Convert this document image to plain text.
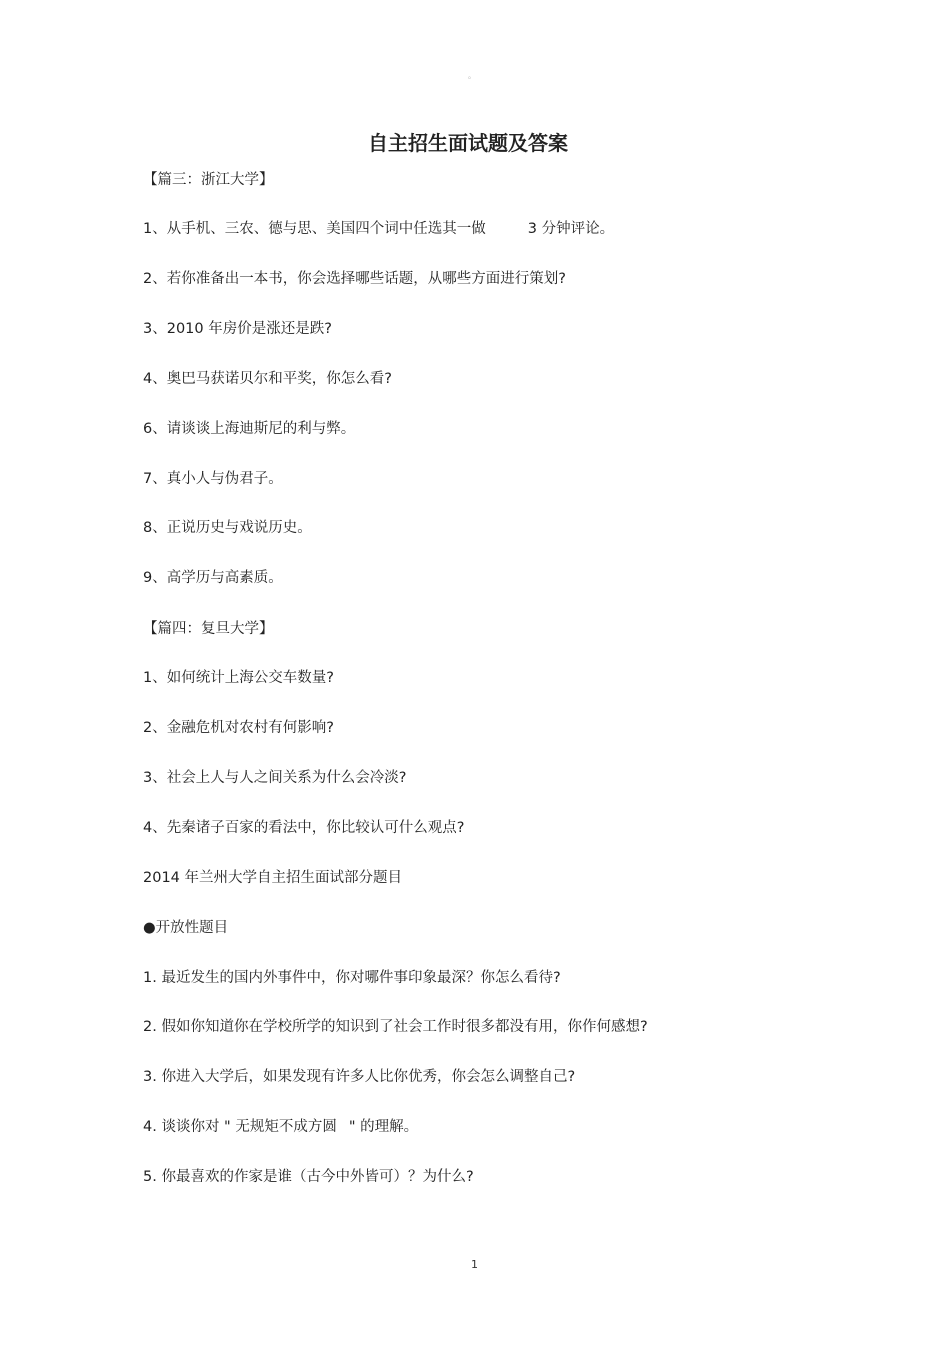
。
自主招生面试题及答案
【篇三：浙江大学】
1、从手机、三农、德与思、美国四个词中任选其一做	3 分钟评论。
2、若你准备出一本书，你会选择哪些话题，从哪些方面进行策划?
3、2010 年房价是涨还是跌?
4、奥巴马获诺贝尔和平奖，你怎么看?
6、请谈谈上海迪斯尼的利与弊。
7、真小人与伪君子。
8、正说历史与戏说历史。
9、高学历与高素质。
【篇四：复旦大学】
1、如何统计上海公交车数量?
2、金融危机对农村有何影响?
3、社会上人与人之间关系为什么会冷淡?
4、先秦诸子百家的看法中，你比较认可什么观点?
2014 年兰州大学自主招生面试部分题目
●开放性题目
1. 最近发生的国内外事件中，你对哪件事印象最深？你怎么看待?
2. 假如你知道你在学校所学的知识到了社会工作时很多都没有用，你作何感想?
3. 你进入大学后，如果发现有许多人比你优秀，你会怎么调整自己?
4. 谈谈你对 " 无规矩不成方圆 " 的理解。
5. 你最喜欢的作家是谁（古今中外皆可）？为什么?
1
